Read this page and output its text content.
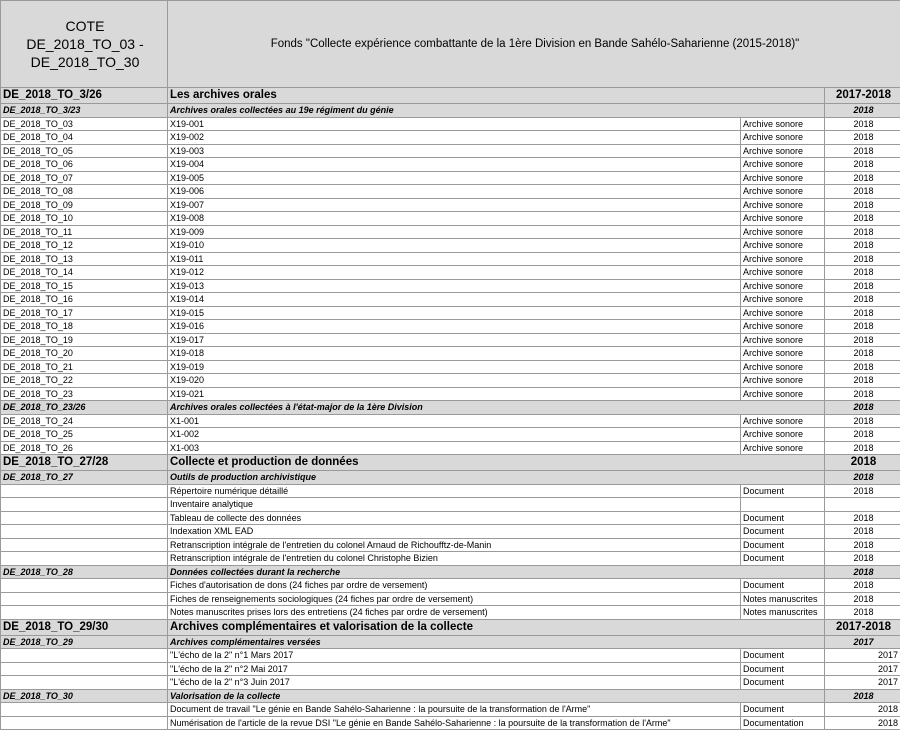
COTE
DE_2018_TO_03 -
DE_2018_TO_30	Fonds "Collecte expérience combattante de la 1ère Division en Bande Sahélo-Saharienne (2015-2018)"		
DE_2018_TO_3/26	Les archives orales		2017-2018
DE_2018_TO_3/23	Archives orales collectées au 19e régiment du génie		2018
DE_2018_TO_03	X19-001	Archive sonore	2018
DE_2018_TO_04	X19-002	Archive sonore	2018
DE_2018_TO_05	X19-003	Archive sonore	2018
DE_2018_TO_06	X19-004	Archive sonore	2018
DE_2018_TO_07	X19-005	Archive sonore	2018
DE_2018_TO_08	X19-006	Archive sonore	2018
DE_2018_TO_09	X19-007	Archive sonore	2018
DE_2018_TO_10	X19-008	Archive sonore	2018
DE_2018_TO_11	X19-009	Archive sonore	2018
DE_2018_TO_12	X19-010	Archive sonore	2018
DE_2018_TO_13	X19-011	Archive sonore	2018
DE_2018_TO_14	X19-012	Archive sonore	2018
DE_2018_TO_15	X19-013	Archive sonore	2018
DE_2018_TO_16	X19-014	Archive sonore	2018
DE_2018_TO_17	X19-015	Archive sonore	2018
DE_2018_TO_18	X19-016	Archive sonore	2018
DE_2018_TO_19	X19-017	Archive sonore	2018
DE_2018_TO_20	X19-018	Archive sonore	2018
DE_2018_TO_21	X19-019	Archive sonore	2018
DE_2018_TO_22	X19-020	Archive sonore	2018
DE_2018_TO_23	X19-021	Archive sonore	2018
DE_2018_TO_23/26	Archives orales collectées à l'état-major de la 1ère Division		2018
DE_2018_TO_24	X1-001	Archive sonore	2018
DE_2018_TO_25	X1-002	Archive sonore	2018
DE_2018_TO_26	X1-003	Archive sonore	2018
DE_2018_TO_27/28	Collecte et production de données		2018
DE_2018_TO_27	Outils de production archivistique		2018
	Répertoire numérique détaillé	Document	2018
	Inventaire analytique		
	Tableau de collecte des données	Document	2018
	Indexation XML EAD	Document	2018
	Retranscription intégrale de l'entretien du colonel Arnaud de Richoufftz-de-Manin	Document	2018
	Retranscription intégrale de l'entretien du colonel Christophe Bizien	Document	2018
DE_2018_TO_28	Données collectées durant la recherche		2018
	Fiches d'autorisation de dons (24 fiches par ordre de versement)	Document	2018
	Fiches de renseignements sociologiques (24 fiches par ordre de versement)	Notes manuscrites	2018
	Notes manuscrites prises lors des entretiens (24 fiches par ordre de versement)	Notes manuscrites	2018
DE_2018_TO_29/30	Archives complémentaires et valorisation de la collecte		2017-2018
DE_2018_TO_29	Archives complémentaires versées		2017
	"L'écho de la 2" n°1 Mars 2017	Document	2017
	"L'écho de la 2" n°2 Mai 2017	Document	2017
	"L'écho de la 2" n°3 Juin 2017	Document	2017
DE_2018_TO_30	Valorisation de la collecte		2018
	Document de travail "Le génie en Bande Sahélo-Saharienne : la poursuite de la transformation de l'Arme"	Document	2018
	Numérisation de l'article de la revue DSI "Le génie en Bande Sahélo-Saharienne : la poursuite de la transformation de l'Arme"	Documentation	2018
